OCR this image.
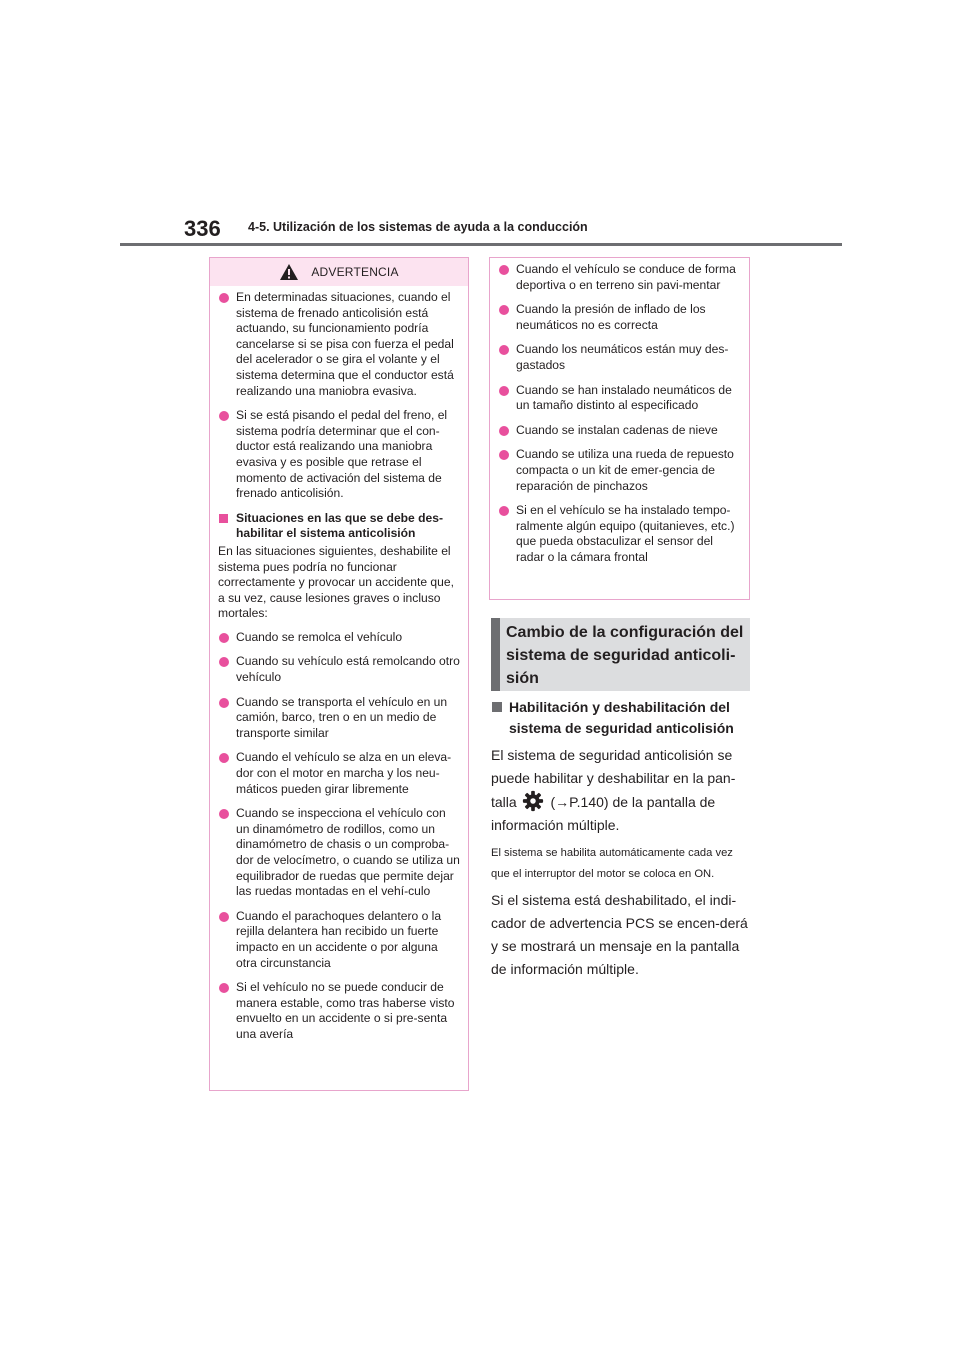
336 4-5. Utilización de los sistemas de ayuda a la conducción
ADVERTENCIA
En determinadas situaciones, cuando el sistema de frenado anticolisión está actuando, su funcionamiento podría cancelarse si se pisa con fuerza el pedal del acelerador o se gira el volante y el sistema determina que el conductor está realizando una maniobra evasiva.
Si se está pisando el pedal del freno, el sistema podría determinar que el con-ductor está realizando una maniobra evasiva y es posible que retrase el momento de activación del sistema de frenado anticolisión.
Situaciones en las que se debe des-habilitar el sistema anticolisión
En las situaciones siguientes, deshabilite el sistema pues podría no funcionar correctamente y provocar un accidente que, a su vez, cause lesiones graves o incluso mortales:
Cuando se remolca el vehículo
Cuando su vehículo está remolcando otro vehículo
Cuando se transporta el vehículo en un camión, barco, tren o en un medio de transporte similar
Cuando el vehículo se alza en un eleva-dor con el motor en marcha y los neu-máticos pueden girar libremente
Cuando se inspecciona el vehículo con un dinamómetro de rodillos, como un dinamómetro de chasis o un comproba-dor de velocímetro, o cuando se utiliza un equilibrador de ruedas que permite dejar las ruedas montadas en el vehí-culo
Cuando el parachoques delantero o la rejilla delantera han recibido un fuerte impacto en un accidente o por alguna otra circunstancia
Si el vehículo no se puede conducir de manera estable, como tras haberse visto envuelto en un accidente o si pre-senta una avería
Cuando el vehículo se conduce de forma deportiva o en terreno sin pavi-mentar
Cuando la presión de inflado de los neumáticos no es correcta
Cuando los neumáticos están muy des-gastados
Cuando se han instalado neumáticos de un tamaño distinto al especificado
Cuando se instalan cadenas de nieve
Cuando se utiliza una rueda de repuesto compacta o un kit de emer-gencia de reparación de pinchazos
Si en el vehículo se ha instalado tempo-ralmente algún equipo (quitanieves, etc.) que pueda obstaculizar el sensor del radar o la cámara frontal
Cambio de la configuración del
sistema de seguridad anticoli-
sión
Habilitación y deshabilitación del
sistema de seguridad anticolisión
El sistema de seguridad anticolisión se puede habilitar y deshabilitar en la pan-talla (→P.140) de la pantalla de información múltiple.
El sistema se habilita automáticamente cada vez que el interruptor del motor se coloca en ON.
Si el sistema está deshabilitado, el indi-cador de advertencia PCS se encen-derá y se mostrará un mensaje en la pantalla de información múltiple.
